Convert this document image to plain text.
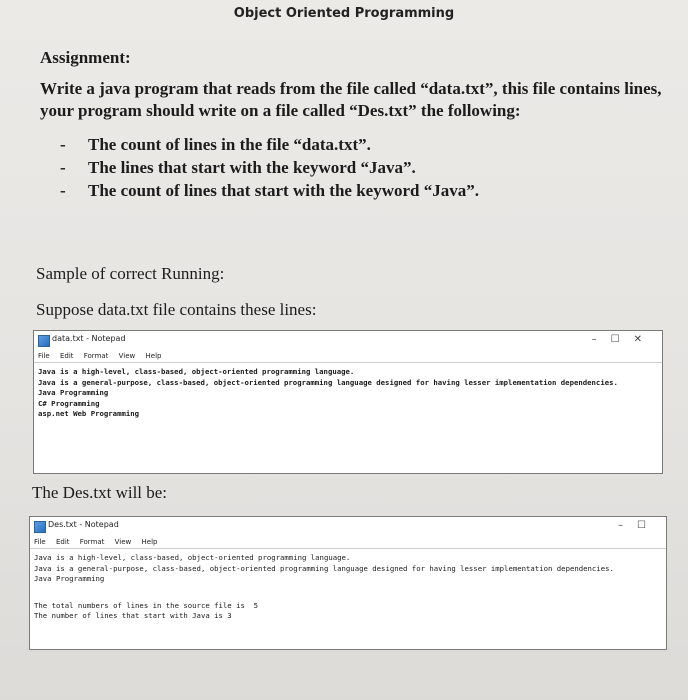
Object Oriented Programming
Assignment:
Write a java program that reads from the file called “data.txt”, this file contains lines, your program should write on a file called “Des.txt” the following:
- The count of lines in the file “data.txt”.
- The lines that start with the keyword “Java”.
- The count of lines that start with the keyword “Java”.
Sample of correct Running:
Suppose data.txt file contains these lines:
data.txt - Notepad	–☐✕
File Edit Format View Help
Java is a high-level, class-based, object-oriented programming language.
Java is a general-purpose, class-based, object-oriented programming language designed for having lesser implementation dependencies.
Java Programming
C# Programming
asp.net Web Programming
The Des.txt will be:
Des.txt - Notepad	–☐
File Edit Format View Help
Java is a high-level, class-based, object-oriented programming language.
Java is a general-purpose, class-based, object-oriented programming language designed for having lesser implementation dependencies.
Java Programming
The total numbers of lines in the source file is  5
The number of lines that start with Java is 3
